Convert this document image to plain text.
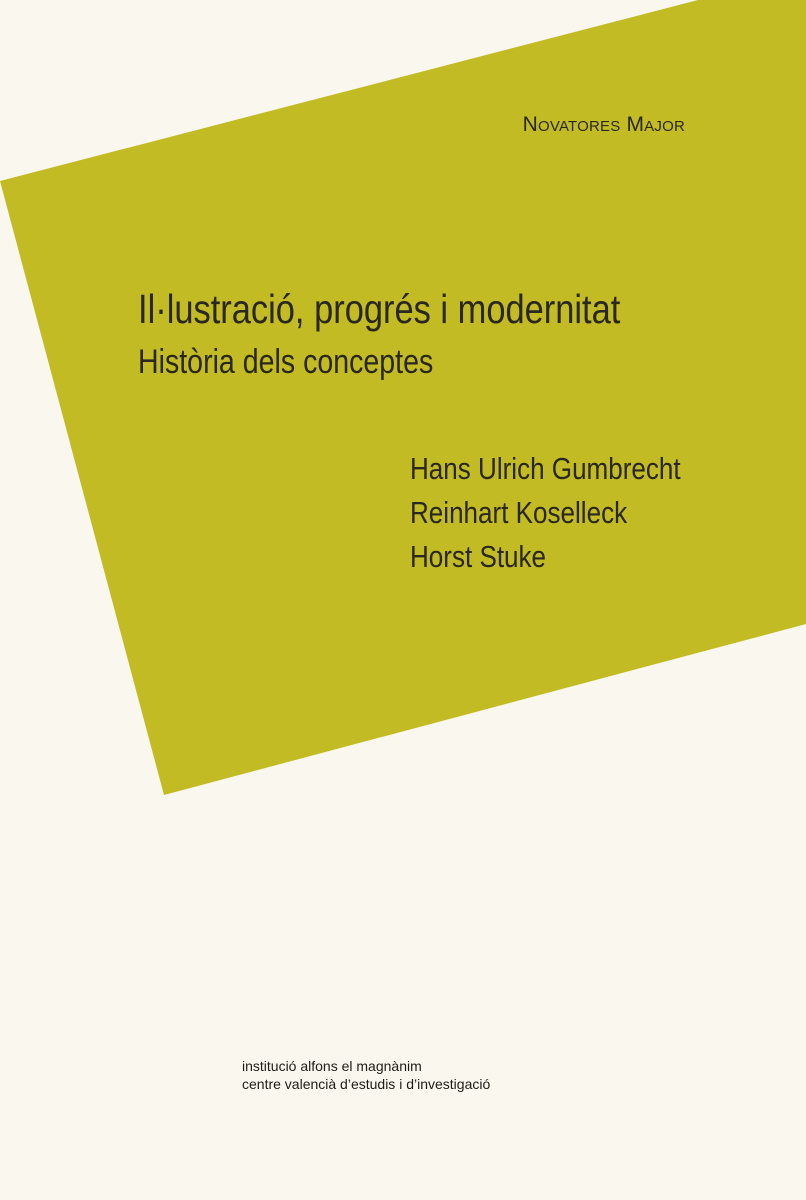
Novatores Major
Il·lustració, progrés i modernitat
Història dels conceptes
Hans Ulrich Gumbrecht
Reinhart Koselleck
Horst Stuke
institució alfons el magnànim
centre valencià d’estudis i d’investigació
